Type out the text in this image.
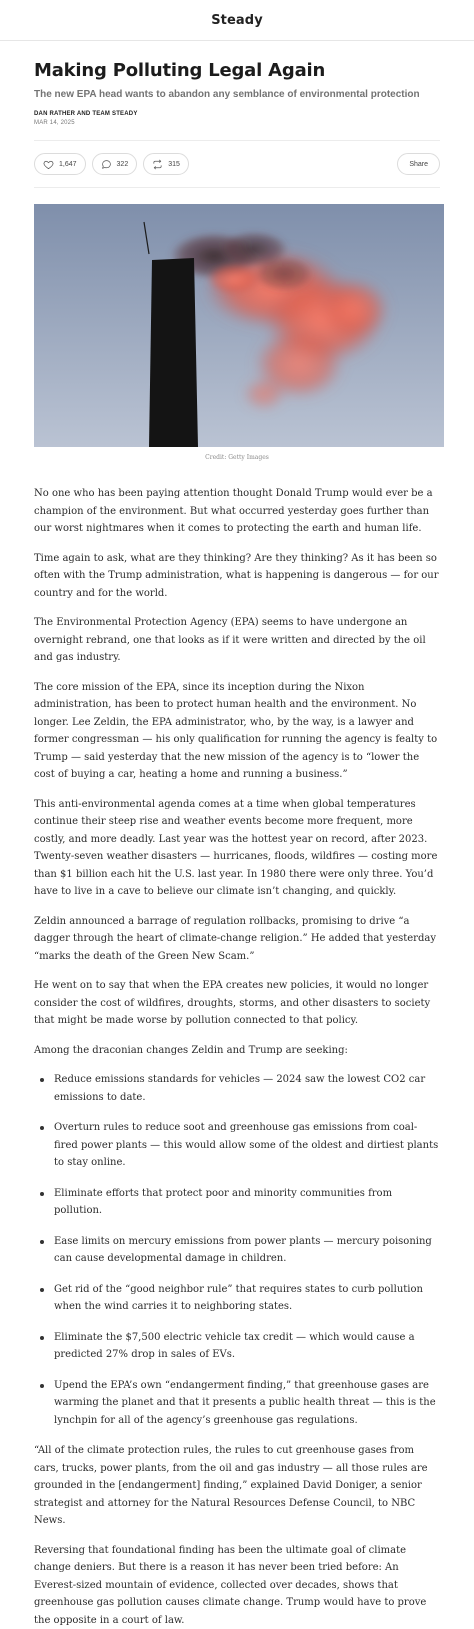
Steady
Making Polluting Legal Again
The new EPA head wants to abandon any semblance of environmental protection
DAN RATHER AND TEAM STEADY
MAR 14, 2025
1,647	322	315	Share
Credit: Getty Images

No one who has been paying attention thought Donald Trump would ever be a champion of the environment. But what occurred yesterday goes further than our worst nightmares when it comes to protecting the earth and human life.

Time again to ask, what are they thinking? Are they thinking? As it has been so often with the Trump administration, what is happening is dangerous — for our country and for the world.

The Environmental Protection Agency (EPA) seems to have undergone an overnight rebrand, one that looks as if it were written and directed by the oil and gas industry.

The core mission of the EPA, since its inception during the Nixon administration, has been to protect human health and the environment. No longer. Lee Zeldin, the EPA administrator, who, by the way, is a lawyer and former congressman — his only qualification for running the agency is fealty to Trump — said yesterday that the new mission of the agency is to “lower the cost of buying a car, heating a home and running a business.”

This anti-environmental agenda comes at a time when global temperatures continue their steep rise and weather events become more frequent, more costly, and more deadly. Last year was the hottest year on record, after 2023. Twenty-seven weather disasters — hurricanes, floods, wildfires — costing more than $1 billion each hit the U.S. last year. In 1980 there were only three. You’d have to live in a cave to believe our climate isn’t changing, and quickly.

Zeldin announced a barrage of regulation rollbacks, promising to drive “a dagger through the heart of climate-change religion.” He added that yesterday “marks the death of the Green New Scam.”

He went on to say that when the EPA creates new policies, it would no longer consider the cost of wildfires, droughts, storms, and other disasters to society that might be made worse by pollution connected to that policy.

Among the draconian changes Zeldin and Trump are seeking:

Reduce emissions standards for vehicles — 2024 saw the lowest CO2 car emissions to date.
Overturn rules to reduce soot and greenhouse gas emissions from coal-fired power plants — this would allow some of the oldest and dirtiest plants to stay online.
Eliminate efforts that protect poor and minority communities from pollution.
Ease limits on mercury emissions from power plants — mercury poisoning can cause developmental damage in children.
Get rid of the “good neighbor rule” that requires states to curb pollution when the wind carries it to neighboring states.
Eliminate the $7,500 electric vehicle tax credit — which would cause a predicted 27% drop in sales of EVs.
Upend the EPA’s own “endangerment finding,” that greenhouse gases are warming the planet and that it presents a public health threat — this is the lynchpin for all of the agency’s greenhouse gas regulations.

“All of the climate protection rules, the rules to cut greenhouse gases from cars, trucks, power plants, from the oil and gas industry — all those rules are grounded in the [endangerment] finding,” explained David Doniger, a senior strategist and attorney for the Natural Resources Defense Council, to NBC News.

Reversing that foundational finding has been the ultimate goal of climate change deniers. But there is a reason it has never been tried before: An Everest-sized mountain of evidence, collected over decades, shows that greenhouse gas pollution causes climate change. Trump would have to prove the opposite in a court of law.
